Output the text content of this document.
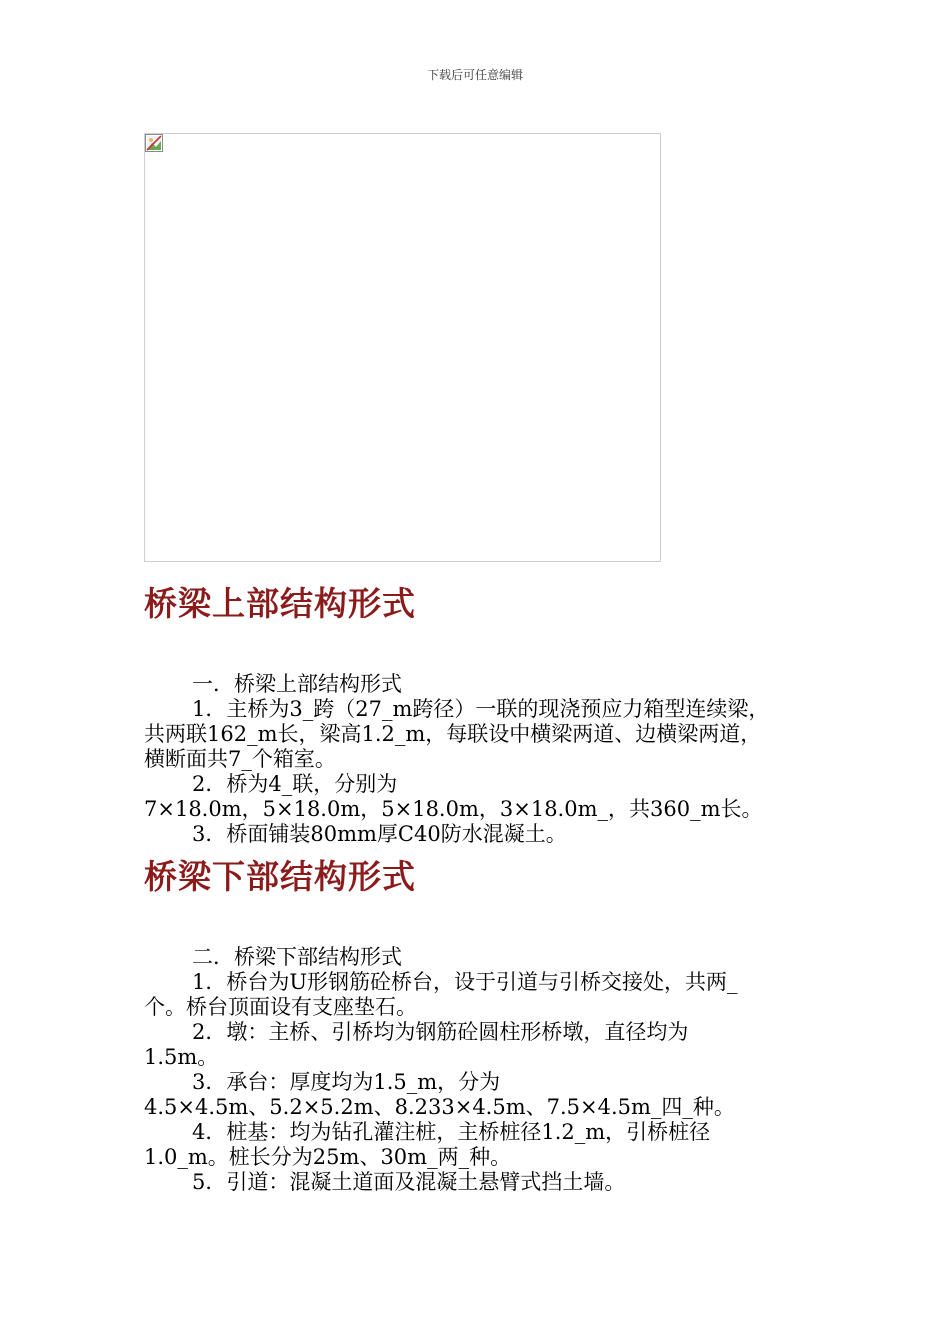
下载后可任意编辑
桥梁上部结构形式
一．桥梁上部结构形式
1．主桥为3_跨（27_m跨径）一联的现浇预应力箱型连续梁，
共两联162_m长，梁高1.2_m，每联设中横梁两道、边横梁两道，
横断面共7_个箱室。
2．桥为4_联，分别为
7×18.0m，5×18.0m，5×18.0m，3×18.0m_，共360_m长。
3．桥面铺装80mm厚C40防水混凝土。
桥梁下部结构形式
二．桥梁下部结构形式
1．桥台为U形钢筋砼桥台，设于引道与引桥交接处，共两_
个。桥台顶面设有支座垫石。
2．墩：主桥、引桥均为钢筋砼圆柱形桥墩，直径均为
1.5m。
3．承台：厚度均为1.5_m，分为
4.5×4.5m、5.2×5.2m、8.233×4.5m、7.5×4.5m_四_种。
4．桩基：均为钻孔灌注桩，主桥桩径1.2_m，引桥桩径
1.0_m。桩长分为25m、30m_两_种。
5．引道：混凝土道面及混凝土悬臂式挡土墙。
